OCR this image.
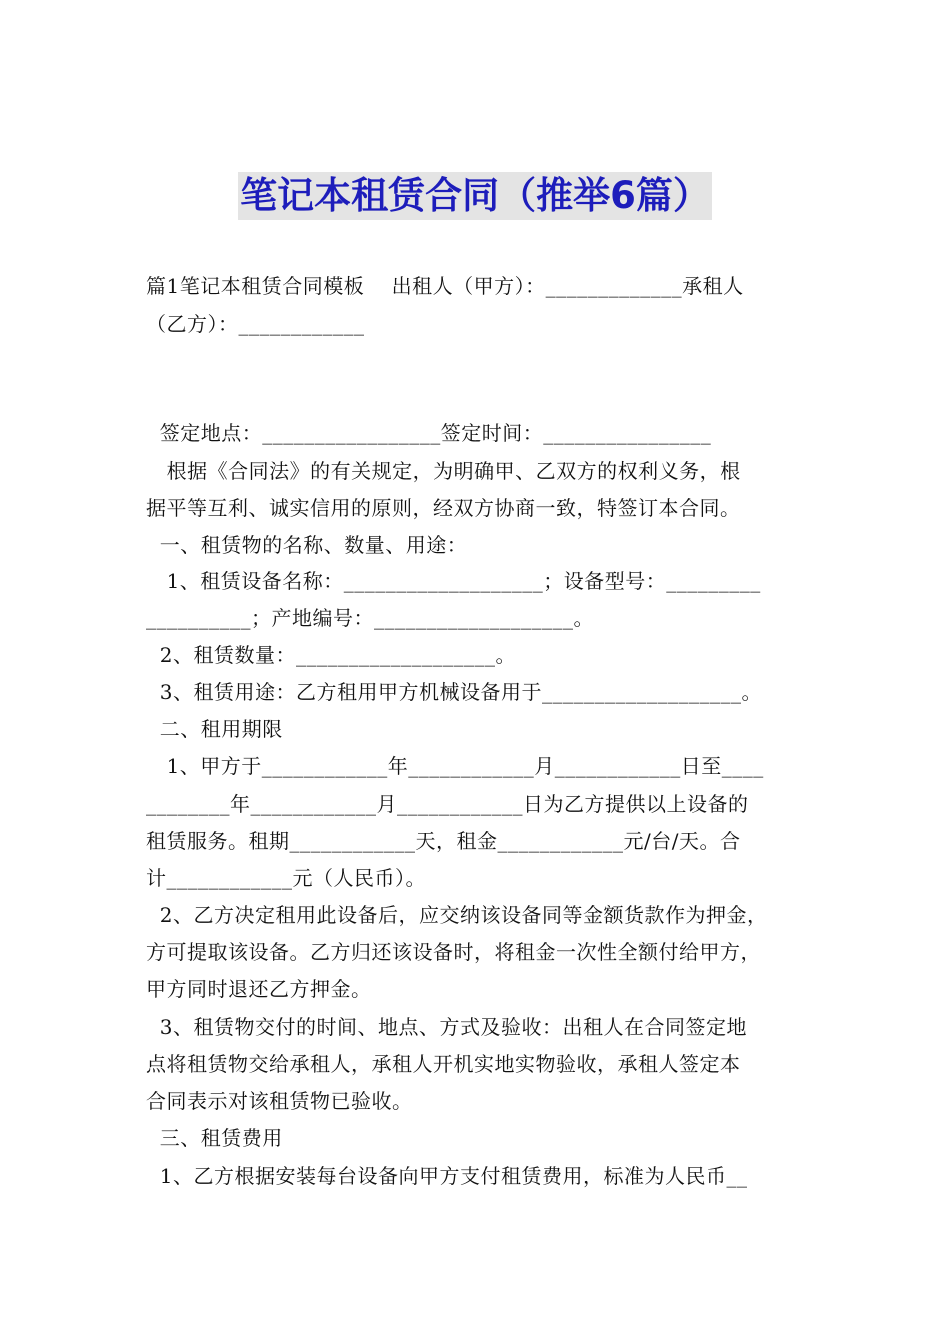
笔记本租赁合同（推举6篇）
篇1笔记本租赁合同模板　 出租人（甲方）：_____________承租人
（乙方）：____________
签定地点：_________________签定时间：________________
根据《合同法》的有关规定，为明确甲、乙双方的权利义务，根
据平等互利、诚实信用的原则，经双方协商一致，特签订本合同。
一、租赁物的名称、数量、用途：
1、租赁设备名称：___________________；设备型号：_________
__________；产地编号：___________________。
2、租赁数量：___________________。
3、租赁用途：乙方租用甲方机械设备用于___________________。
二、租用期限
1、甲方于____________年____________月____________日至____
________年____________月____________日为乙方提供以上设备的
租赁服务。租期____________天，租金____________元/台/天。合
计____________元（人民币）。
2、乙方决定租用此设备后，应交纳该设备同等金额货款作为押金，
方可提取该设备。乙方归还该设备时，将租金一次性全额付给甲方，
甲方同时退还乙方押金。
3、租赁物交付的时间、地点、方式及验收：出租人在合同签定地
点将租赁物交给承租人，承租人开机实地实物验收，承租人签定本
合同表示对该租赁物已验收。
三、租赁费用
1、乙方根据安装每台设备向甲方支付租赁费用，标准为人民币__
